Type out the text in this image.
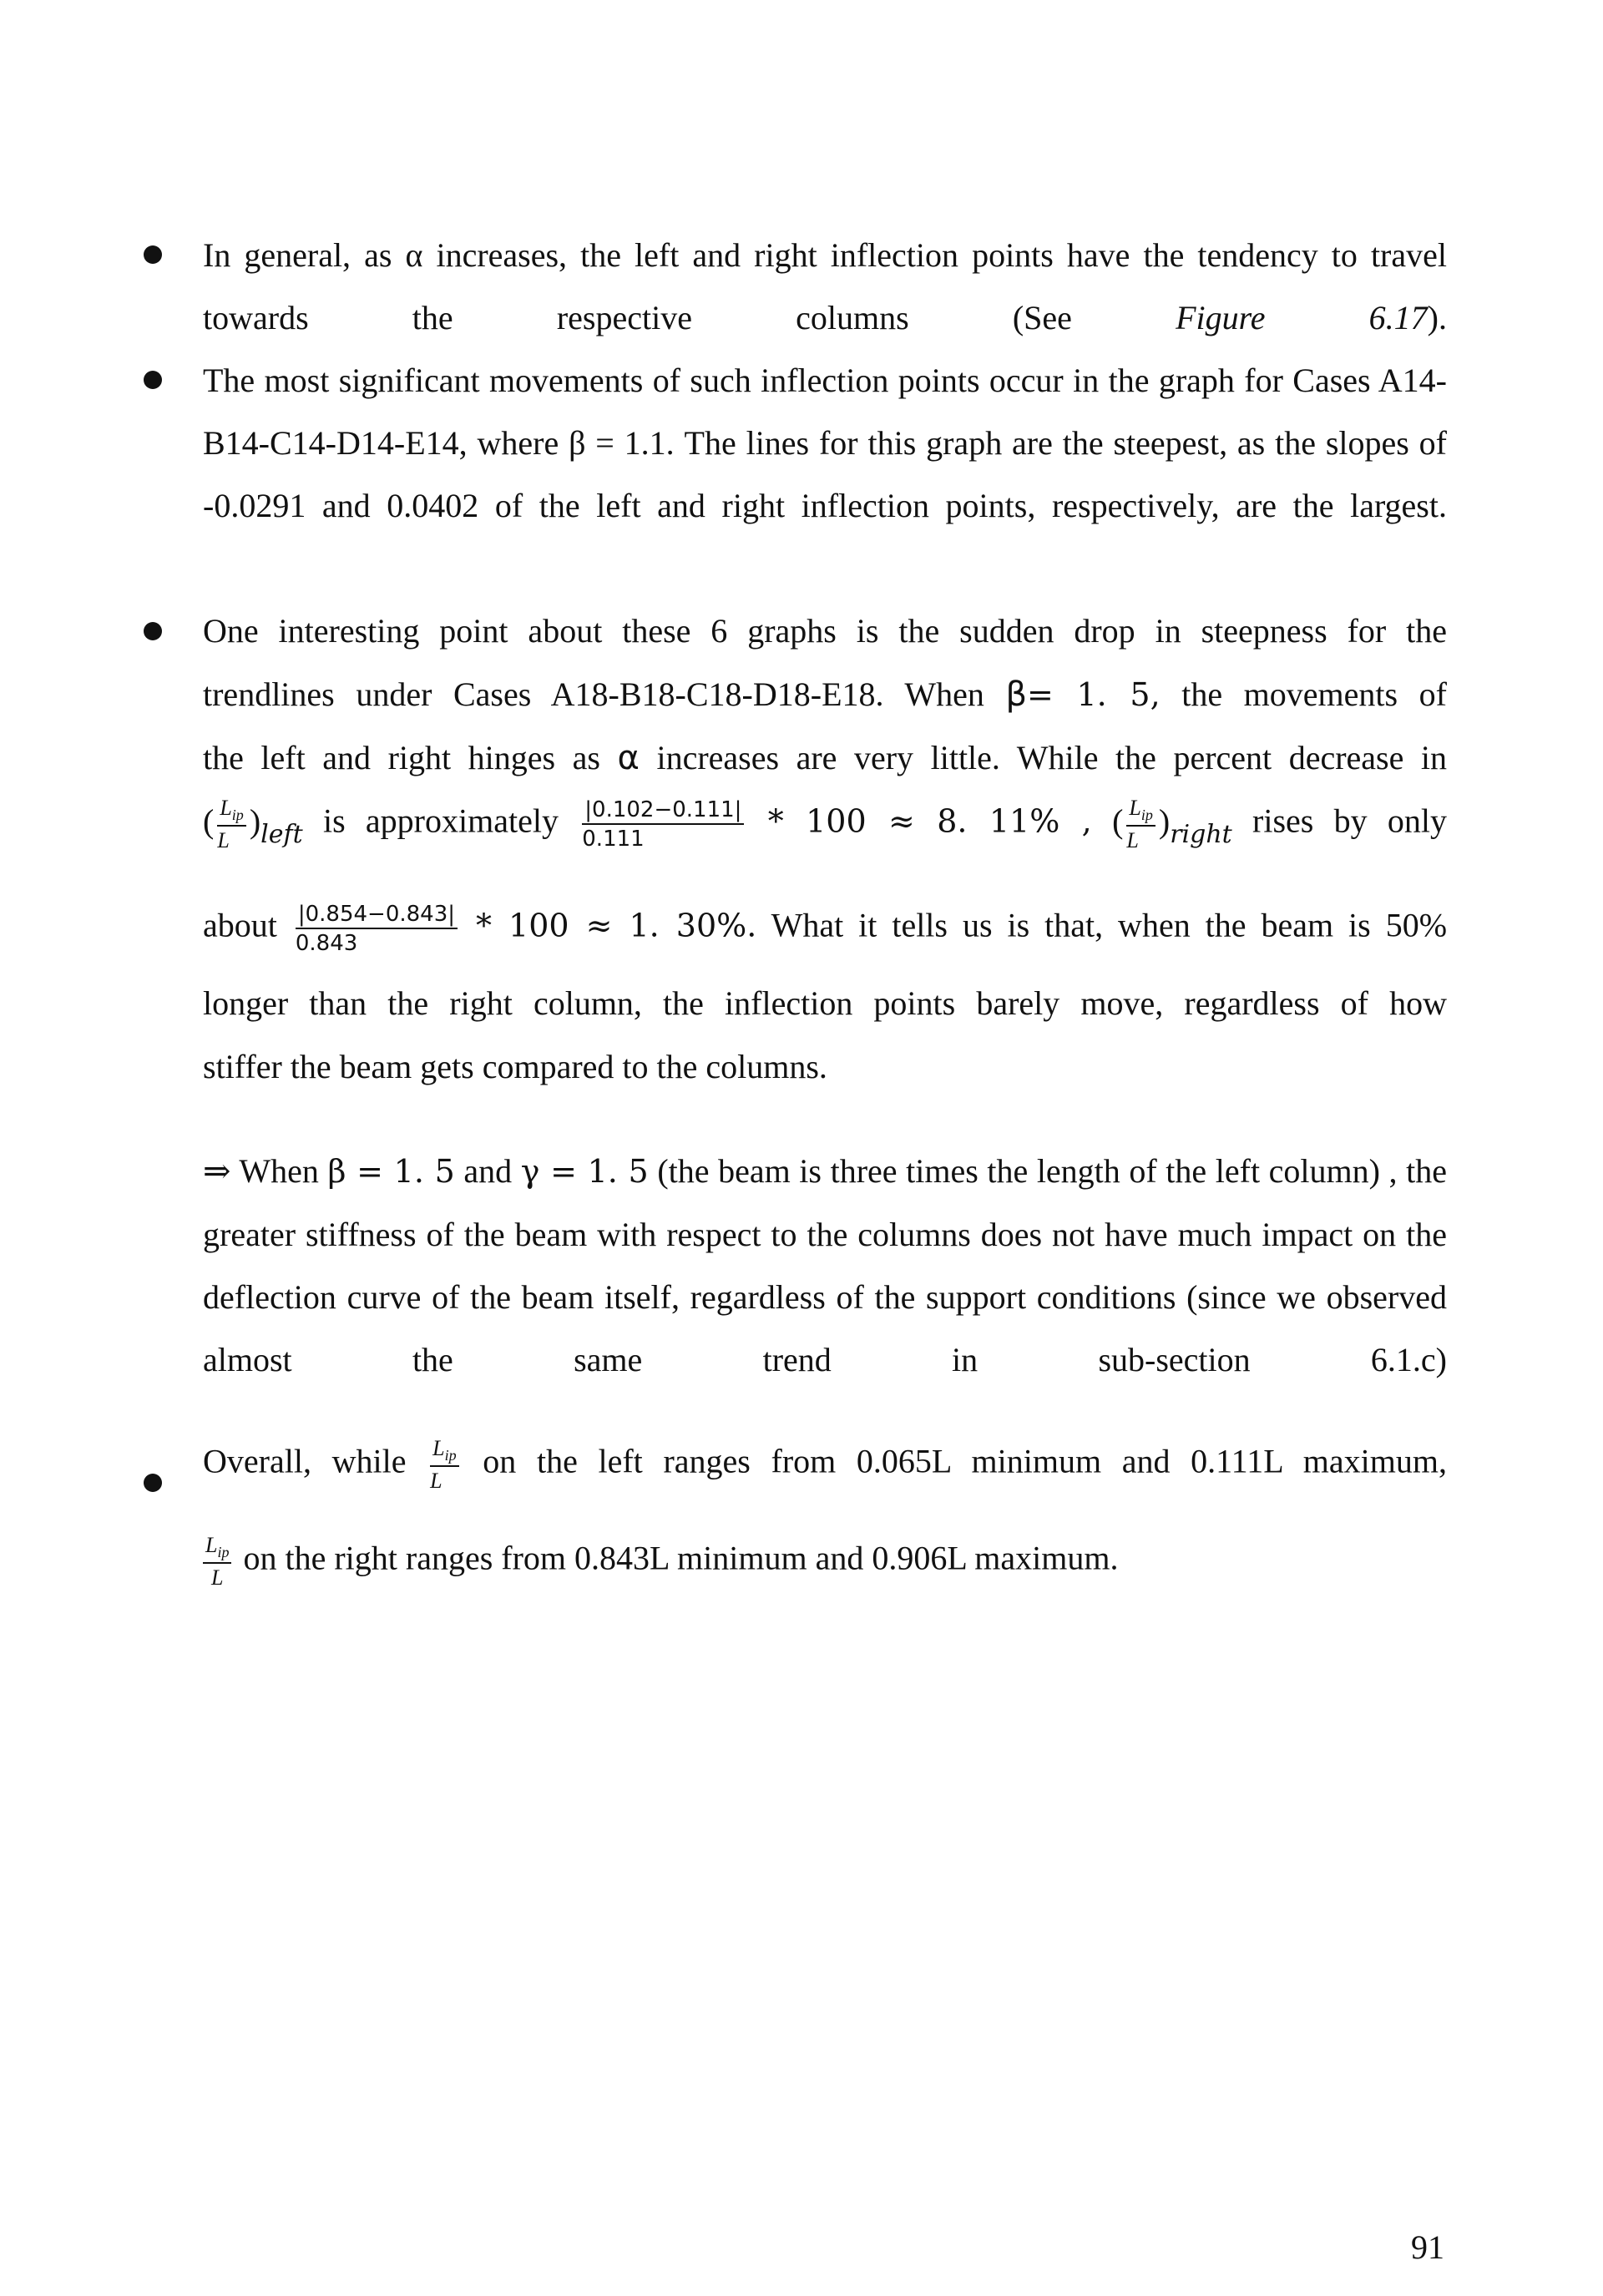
In general, as α increases, the left and right inflection points have the tendency to travel towards the respective columns (See Figure 6.17).
The most significant movements of such inflection points occur in the graph for Cases A14-B14-C14-D14-E14, where β = 1.1. The lines for this graph are the steepest, as the slopes of -0.0291 and 0.0402 of the left and right inflection points, respectively, are the largest.
One interesting point about these 6 graphs is the sudden drop in steepness for the
trendlines under Cases A18-B18-C18-D18-E18. When β= 1. 5, the movements of
the left and right hinges as α increases are very little. While the percent decrease in
( $\frac{L_{ip}}{L} )_{left}$ is approximately $\frac{|0.102-0.111|}{0.111} * 100 \approx 8$. 11% , ( $\frac{L_{ip}}{L} )_{right}$ rises by only
about $\frac{|0.854-0.843|}{0.843} * 100 \approx 1$. 30%. What it tells us is that, when the beam is 50%
longer than the right column, the inflection points barely move, regardless of how
stiffer the beam gets compared to the columns.
⇒ When β = 1. 5 and γ = 1. 5 (the beam is three times the length of the left column) , the greater stiffness of the beam with respect to the columns does not have much impact on the deflection curve of the beam itself, regardless of the support conditions (since we observed almost the same trend in sub-section 6.1.c)
Overall, while $\frac{L_{ip}}{L}$ on the left ranges from 0.065L minimum and 0.111L maximum,
$\frac{L_{ip}}{L}$ on the right ranges from 0.843L minimum and 0.906L maximum.
91
